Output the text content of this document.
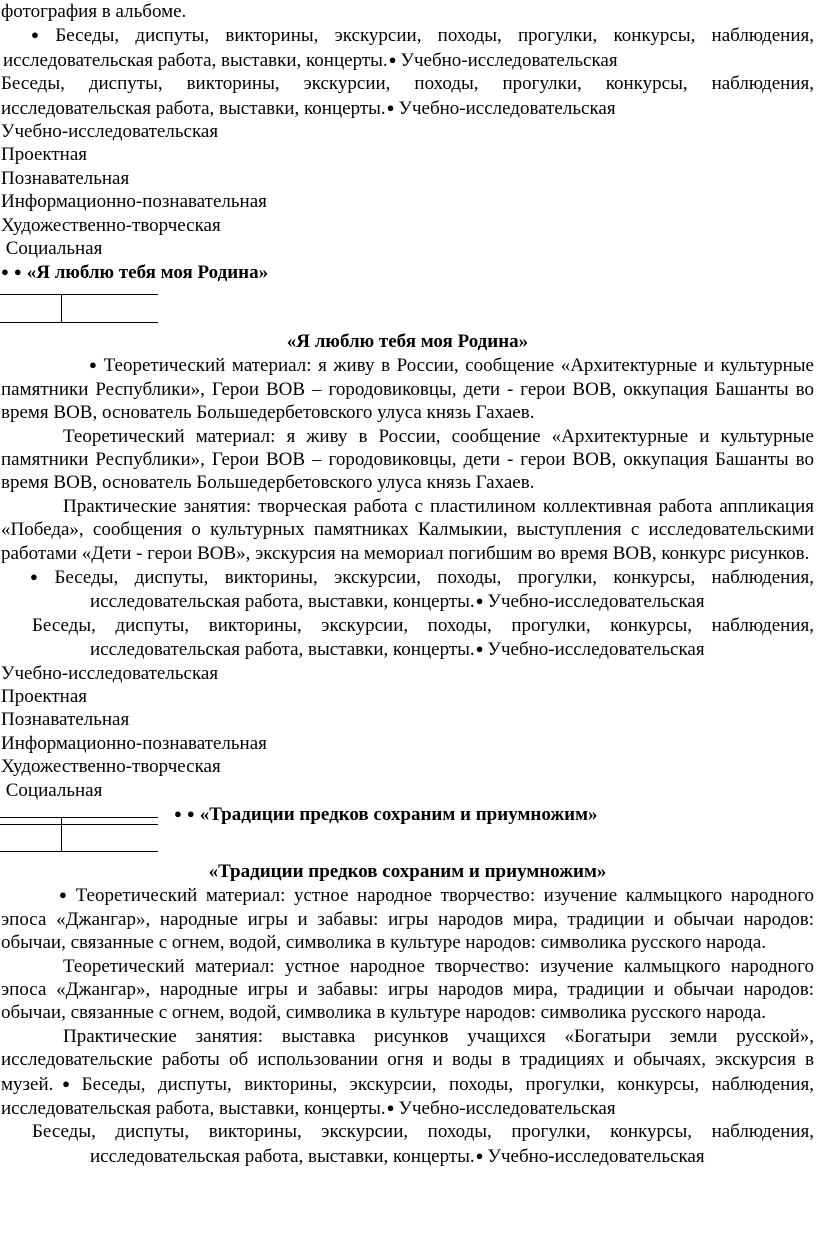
фотография в альбоме.

● Беседы, диспуты, викторины, экскурсии, походы, прогулки, конкурсы, наблюдения, исследовательская работа, выставки, концерты. ● Учебно-исследовательская

Беседы, диспуты, викторины, экскурсии, походы, прогулки, конкурсы, наблюдения, исследовательская работа, выставки, концерты. ● Учебно-исследовательская

Учебно-исследовательская

Проектная

Познавательная

Информационно-познавательная

Художественно-творческая

Социальная

● ● «Я люблю тебя моя Родина»

«Я люблю тебя моя Родина»

● Теоретический материал: я живу в России, сообщение «Архитектурные и культурные памятники Республики», Герои ВОВ – городовиковцы, дети - герои ВОВ, оккупация Башанты во время ВОВ, основатель Большедербетовского улуса князь Гахаев.

Теоретический материал: я живу в России, сообщение «Архитектурные и культурные памятники Республики», Герои ВОВ – городовиковцы, дети - герои ВОВ, оккупация Башанты во время ВОВ, основатель Большедербетовского улуса князь Гахаев.

Практические занятия: творческая работа с пластилином коллективная работа аппликация «Победа», сообщения о культурных памятниках Калмыкии, выступления с исследовательскими работами «Дети - герои ВОВ», экскурсия на мемориал погибшим во время ВОВ, конкурс рисунков.

● Беседы, диспуты, викторины, экскурсии, походы, прогулки, конкурсы, наблюдения, исследовательская работа, выставки, концерты. ● Учебно-исследовательская

Беседы, диспуты, викторины, экскурсии, походы, прогулки, конкурсы, наблюдения, исследовательская работа, выставки, концерты. ● Учебно-исследовательская

Учебно-исследовательская

Проектная

Познавательная

Информационно-познавательная

Художественно-творческая

Социальная

● ● «Традиции предков сохраним и приумножим»

«Традиции предков сохраним и приумножим»

● Теоретический материал: устное народное творчество: изучение калмыцкого народного эпоса «Джангар», народные игры и забавы: игры народов мира, традиции и обычаи народов: обычаи, связанные с огнем, водой, символика в культуре народов: символика русского народа.

Теоретический материал: устное народное творчество: изучение калмыцкого народного эпоса «Джангар», народные игры и забавы: игры народов мира, традиции и обычаи народов: обычаи, связанные с огнем, водой, символика в культуре народов: символика русского народа.

Практические занятия: выставка рисунков учащихся «Богатыри земли русской», исследовательские работы об использовании огня и воды в традициях и обычаях, экскурсия в музей. ● Беседы, диспуты, викторины, экскурсии, походы, прогулки, конкурсы, наблюдения, исследовательская работа, выставки, концерты. ● Учебно-исследовательская

Беседы, диспуты, викторины, экскурсии, походы, прогулки, конкурсы, наблюдения, исследовательская работа, выставки, концерты. ● Учебно-исследовательская
